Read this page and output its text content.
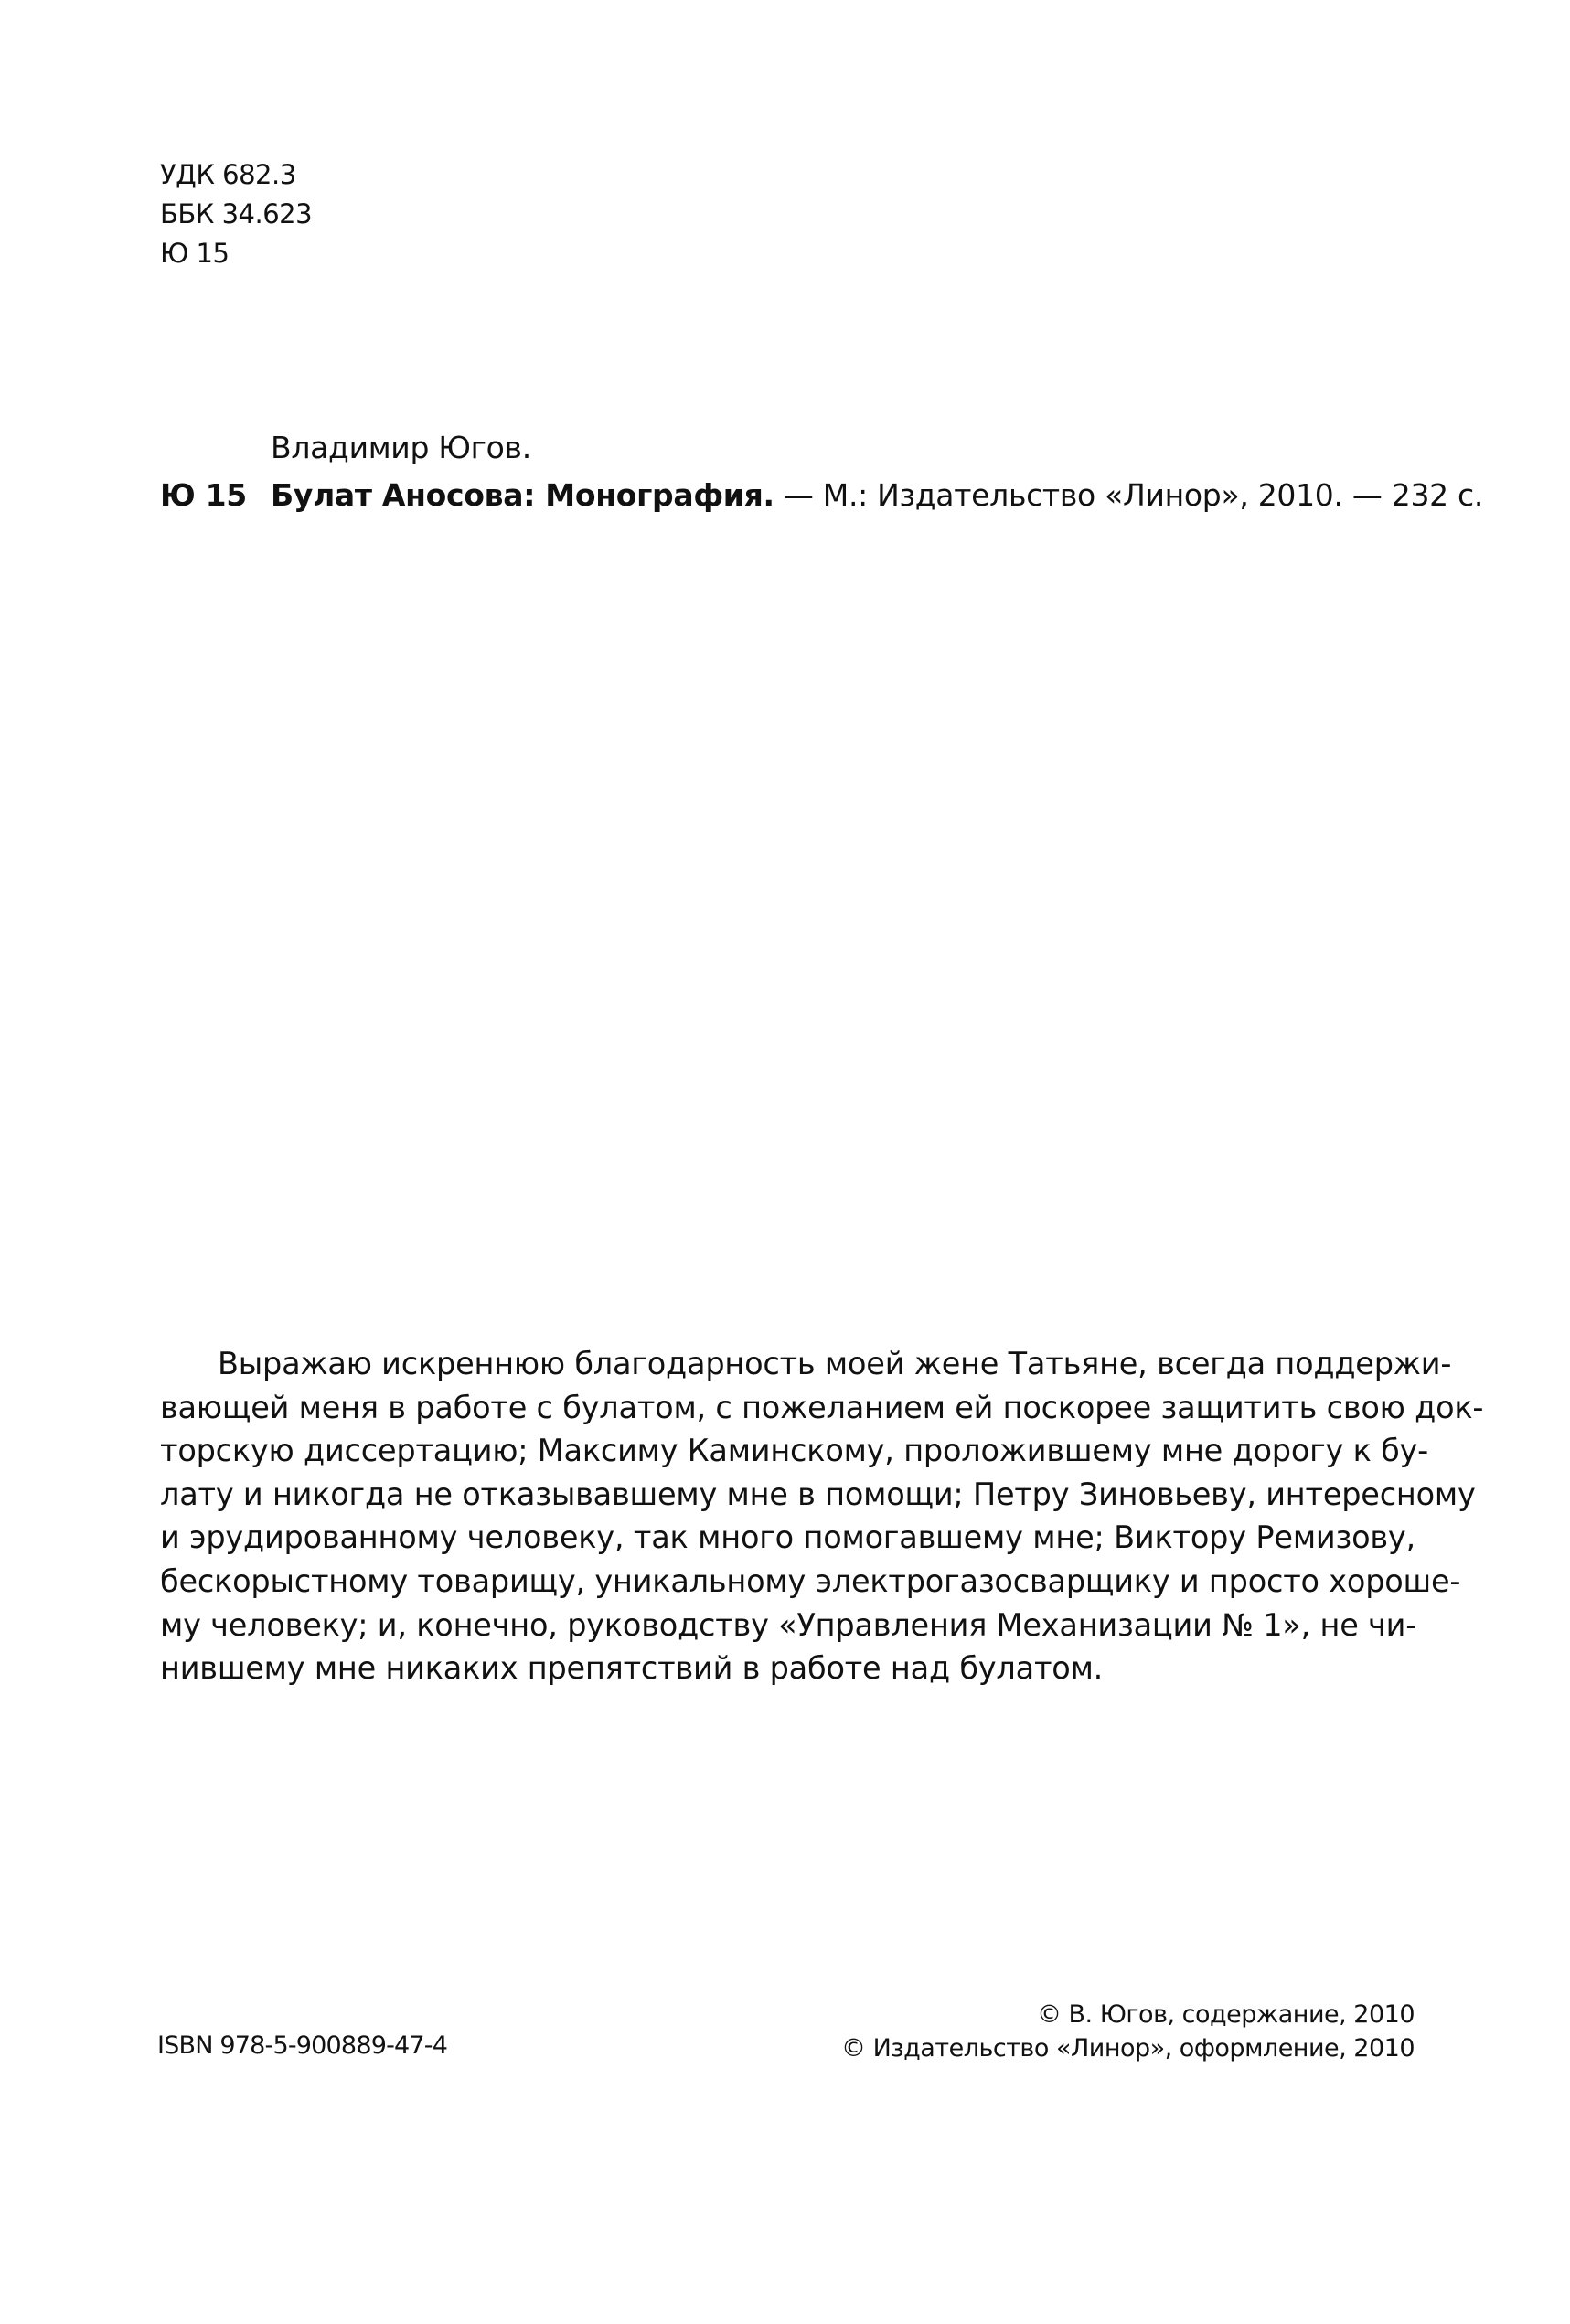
УДК 682.3
ББК 34.623
Ю 15
Владимир Югов.
Ю 15 Булат Аносова: Монография. — М.: Издательство «Линор», 2010. — 232 с.
Выражаю искреннюю благодарность моей жене Татьяне, всегда поддержи-
вающей меня в работе с булатом, с пожеланием ей поскорее защитить свою док-
торскую диссертацию; Максиму Каминскому, проложившему мне дорогу к бу-
лату и никогда не отказывавшему мне в помощи; Петру Зиновьеву, интересному
и эрудированному человеку, так много помогавшему мне; Виктору Ремизову,
бескорыстному товарищу, уникальному электрогазосварщику и просто хороше-
му человеку; и, конечно, руководству «Управления Механизации № 1», не чи-
нившему мне никаких препятствий в работе над булатом.
ISBN 978-5-900889-47-4
© В. Югов, содержание, 2010
© Издательство «Линор», оформление, 2010
